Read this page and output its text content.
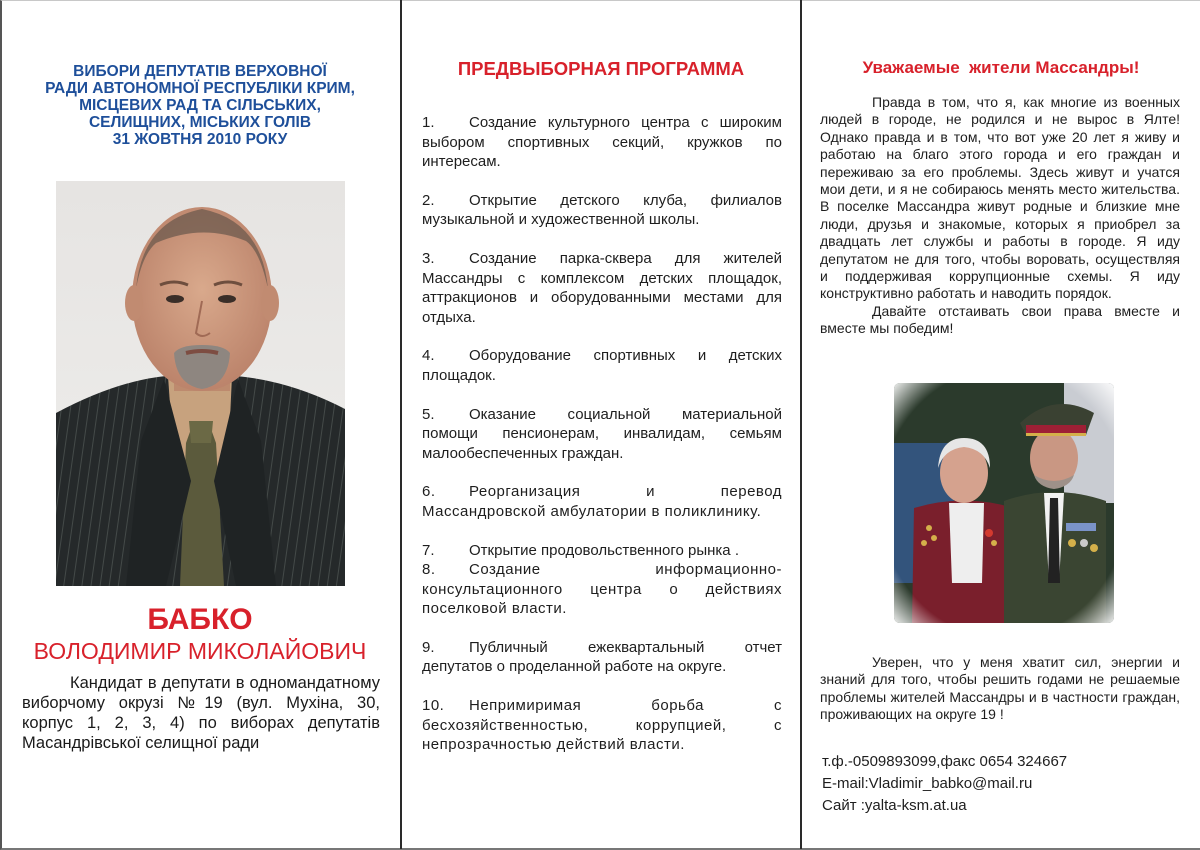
ВИБОРИ ДЕПУТАТІВ ВЕРХОВНОЇ
РАДИ АВТОНОМНОЇ РЕСПУБЛІКИ КРИМ,
МІСЦЕВИХ РАД ТА СІЛЬСЬКИХ,
СЕЛИЩНИХ, МІСЬКИХ ГОЛІВ
31 ЖОВТНЯ 2010 РОКУ
БАБКО
ВОЛОДИМИР МИКОЛАЙОВИЧ

Кандидат в депутати в одномандатному виборчому окрузі №19 (вул. Мухіна, 30, корпус 1, 2, 3, 4) по виборах депутатів Масандрівської селищної ради

ПРЕДВЫБОРНАЯ ПРОГРАММА
1. Создание культурного центра с широким выбором спортивных секций, кружков по интересам.
2. Открытие детского клуба, филиалов музыкальной и художественной школы.
3. Создание парка-сквера для жителей Массандры с комплексом детских площадок, аттракционов и оборудованными местами для отдыха.
4. Оборудование спортивных и детских площадок.
5. Оказание социальной материальной помощи пенсионерам, инвалидам, семьям малообеспеченных граждан.
6. Реорганизация и перевод Массандровской амбулатории в поликлинику.
7. Открытие продовольственного рынка .
8. Создание информационно-консультационного центра о действиях поселковой власти.
9. Публичный ежеквартальный отчет депутатов о проделанной работе на округе.
10. Непримиримая борьба с бесхозяйственностью, коррупцией, с непрозрачностью действий власти.
Уважаемые  жители Массандры!

Правда в том, что я, как многие из военных людей в городе, не родился и не вырос в Ялте! Однако правда и в том, что вот уже 20 лет я живу и работаю на благо этого города и его граждан и переживаю за его проблемы. Здесь живут и учатся мои дети, и я не собираюсь менять место жительства. В поселке Массандра живут родные и близкие мне люди, друзья и знакомые, которых я приобрел за двадцать лет службы и работы в городе. Я иду депутатом не для того, чтобы воровать, осуществляя и поддерживая коррупционные схемы. Я иду конструктивно работать и наводить порядок.

Давайте отстаивать свои права вместе и вместе мы победим!

Уверен, что у меня хватит сил, энергии и знаний для того, чтобы решить годами не решаемые проблемы жителей Массандры и в частности граждан, проживающих на округе 19 !

т.ф.-0509893099,факс 0654 324667
E-mail:Vladimir_babko@mail.ru
Сайт :yalta-ksm.at.ua
